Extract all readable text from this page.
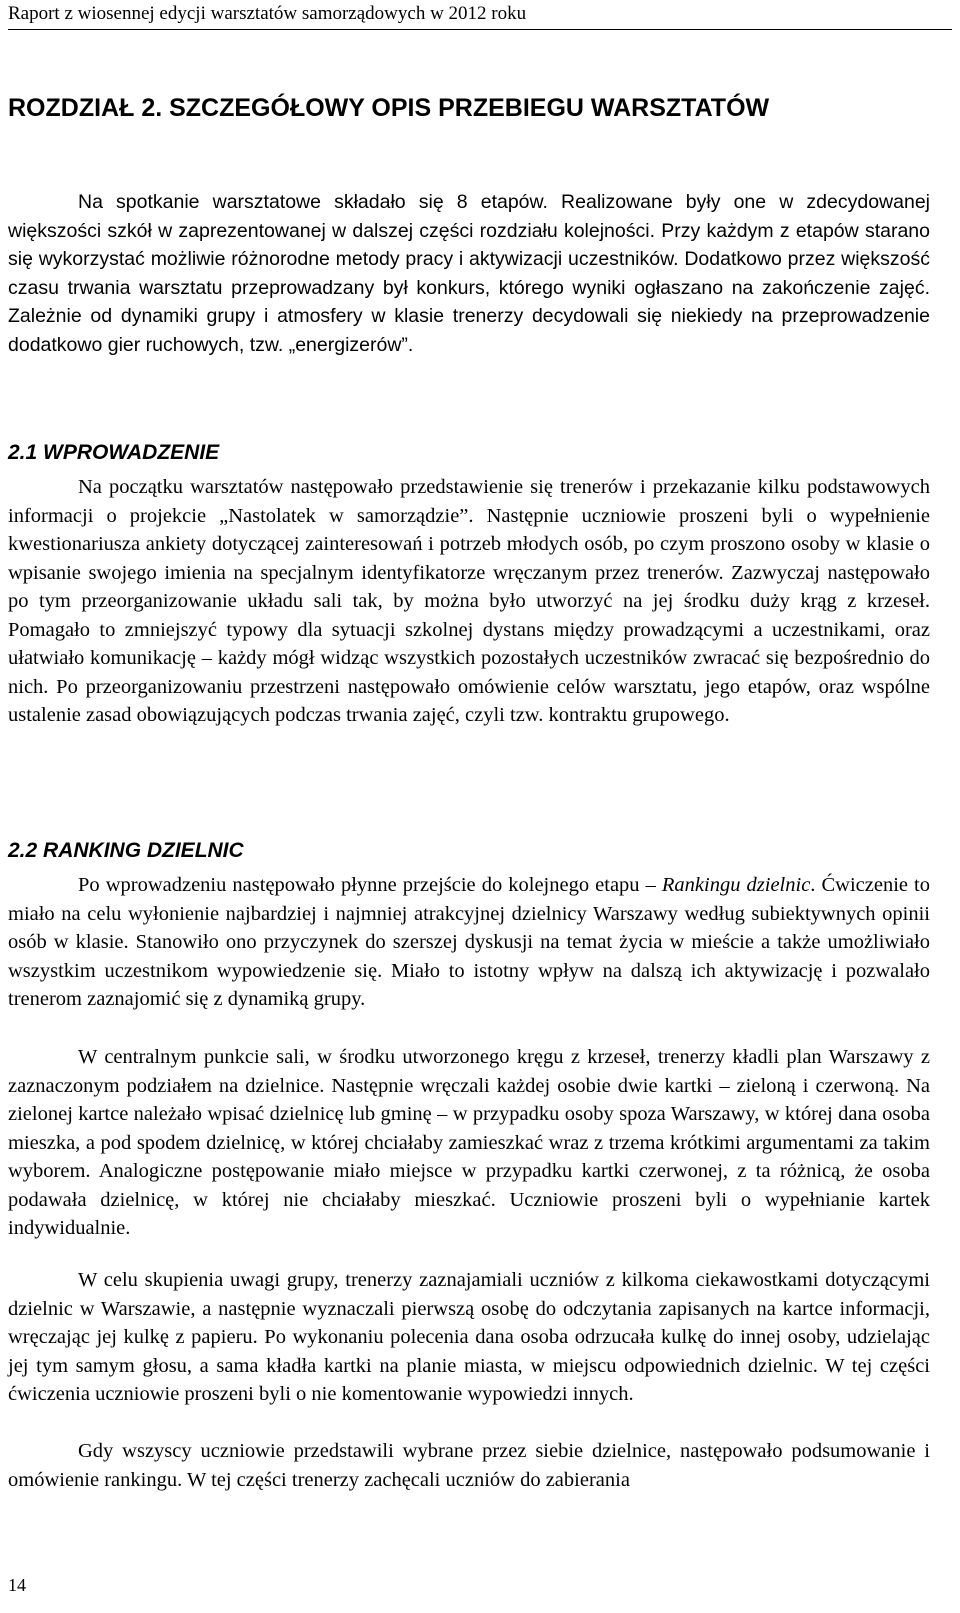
Raport z wiosennej edycji warsztatów samorządowych w 2012 roku
ROZDZIAŁ 2. SZCZEGÓŁOWY OPIS PRZEBIEGU WARSZTATÓW

Na spotkanie warsztatowe składało się 8 etapów. Realizowane były one w zdecydowanej większości szkół w zaprezentowanej w dalszej części rozdziału kolejności. Przy każdym z etapów starano się wykorzystać możliwie różnorodne metody pracy i aktywizacji uczestników. Dodatkowo przez większość czasu trwania warsztatu przeprowadzany był konkurs, którego wyniki ogłaszano na zakończenie zajęć. Zależnie od dynamiki grupy i atmosfery w klasie trenerzy decydowali się niekiedy na przeprowadzenie dodatkowo gier ruchowych, tzw. „energizerów”.

2.1 WPROWADZENIE

Na początku warsztatów następowało przedstawienie się trenerów i przekazanie kilku podstawowych informacji o projekcie „Nastolatek w samorządzie”. Następnie uczniowie proszeni byli o wypełnienie kwestionariusza ankiety dotyczącej zainteresowań i potrzeb młodych osób, po czym proszono osoby w klasie o wpisanie swojego imienia na specjalnym identyfikatorze wręczanym przez trenerów. Zazwyczaj następowało po tym przeorganizowanie układu sali tak, by można było utworzyć na jej środku duży krąg z krzeseł. Pomagało to zmniejszyć typowy dla sytuacji szkolnej dystans między prowadzącymi a uczestnikami, oraz ułatwiało komunikację – każdy mógł widząc wszystkich pozostałych uczestników zwracać się bezpośrednio do nich. Po przeorganizowaniu przestrzeni następowało omówienie celów warsztatu, jego etapów, oraz wspólne ustalenie zasad obowiązujących podczas trwania zajęć, czyli tzw. kontraktu grupowego.

2.2 RANKING DZIELNIC

Po wprowadzeniu następowało płynne przejście do kolejnego etapu – Rankingu dzielnic. Ćwiczenie to miało na celu wyłonienie najbardziej i najmniej atrakcyjnej dzielnicy Warszawy według subiektywnych opinii osób w klasie. Stanowiło ono przyczynek do szerszej dyskusji na temat życia w mieście a także umożliwiało wszystkim uczestnikom wypowiedzenie się. Miało to istotny wpływ na dalszą ich aktywizację i pozwalało trenerom zaznajomić się z dynamiką grupy.

W centralnym punkcie sali, w środku utworzonego kręgu z krzeseł, trenerzy kładli plan Warszawy z zaznaczonym podziałem na dzielnice. Następnie wręczali każdej osobie dwie kartki – zieloną i czerwoną. Na zielonej kartce należało wpisać dzielnicę lub gminę – w przypadku osoby spoza Warszawy, w której dana osoba mieszka, a pod spodem dzielnicę, w której chciałaby zamieszkać wraz z trzema krótkimi argumentami za takim wyborem. Analogiczne postępowanie miało miejsce w przypadku kartki czerwonej, z ta różnicą, że osoba podawała dzielnicę, w której nie chciałaby mieszkać. Uczniowie proszeni byli o wypełnianie kartek indywidualnie.

W celu skupienia uwagi grupy, trenerzy zaznajamiali uczniów z kilkoma ciekawostkami dotyczącymi dzielnic w Warszawie, a następnie wyznaczali pierwszą osobę do odczytania zapisanych na kartce informacji, wręczając jej kulkę z papieru. Po wykonaniu polecenia dana osoba odrzucała kulkę do innej osoby, udzielając jej tym samym głosu, a sama kładła kartki na planie miasta, w miejscu odpowiednich dzielnic. W tej części ćwiczenia uczniowie proszeni byli o nie komentowanie wypowiedzi innych.

Gdy wszyscy uczniowie przedstawili wybrane przez siebie dzielnice, następowało podsumowanie i omówienie rankingu. W tej części trenerzy zachęcali uczniów do zabierania

14
